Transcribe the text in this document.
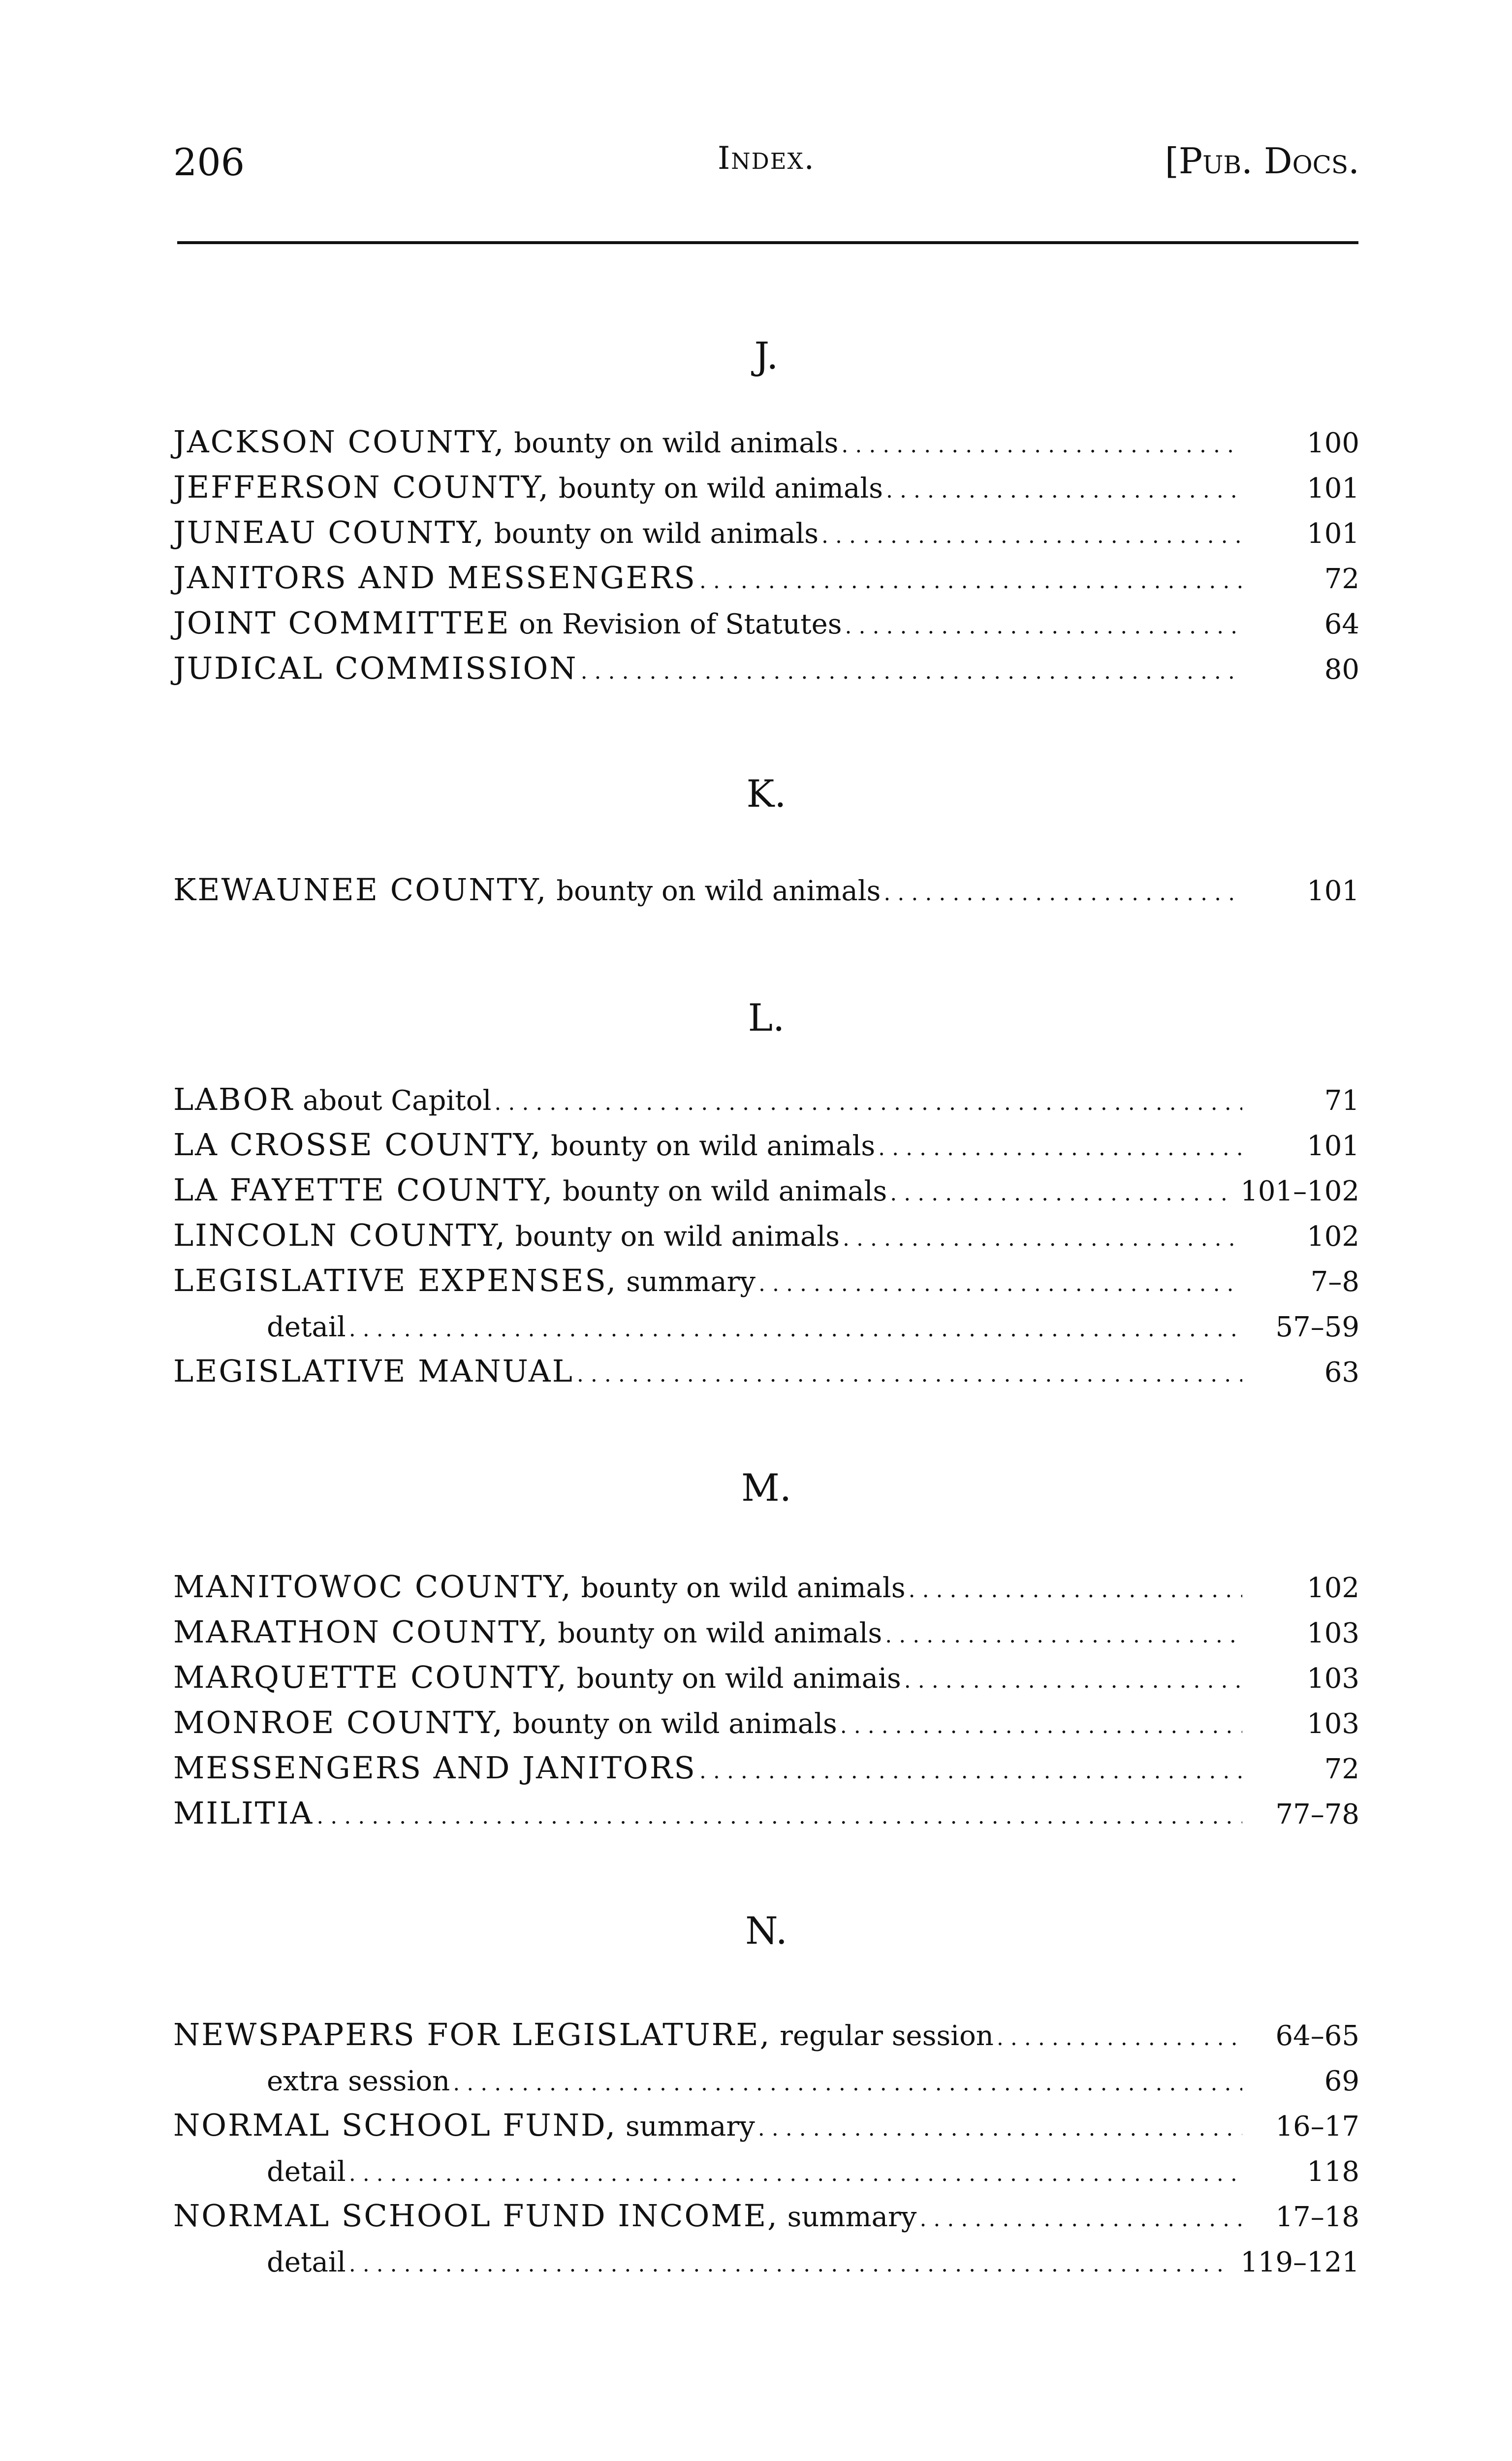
206	Index.	[Pub. Docs.
J.
JACKSON COUNTY, bounty on wild animals .....	100
JEFFERSON COUNTY, bounty on wild animals .....	101
JUNEAU COUNTY, bounty on wild animals .....	101
JANITORS AND MESSENGERS .....	72
JOINT COMMITTEE on Revision of Statutes .....	64
JUDICAL COMMISSION .....	80
K.
KEWAUNEE COUNTY, bounty on wild animals .....	101
L.
LABOR about Capitol .....	71
LA CROSSE COUNTY, bounty on wild animals .....	101
LA FAYETTE COUNTY, bounty on wild animals .....	101–102
LINCOLN COUNTY, bounty on wild animals .....	102
LEGISLATIVE EXPENSES, summary .....	7–8
detail .....	57–59
LEGISLATIVE MANUAL .....	63
M.
MANITOWOC COUNTY, bounty on wild animals .....	102
MARATHON COUNTY, bounty on wild animals .....	103
MARQUETTE COUNTY, bounty on wild animais .....	103
MONROE COUNTY, bounty on wild animals .....	103
MESSENGERS AND JANITORS .....	72
MILITIA .....	77–78
N.
NEWSPAPERS FOR LEGISLATURE, regular session .....	64–65
extra session .....	69
NORMAL SCHOOL FUND, summary .....	16–17
detail .....	118
NORMAL SCHOOL FUND INCOME, summary .....	17–18
detail .....	119–121
